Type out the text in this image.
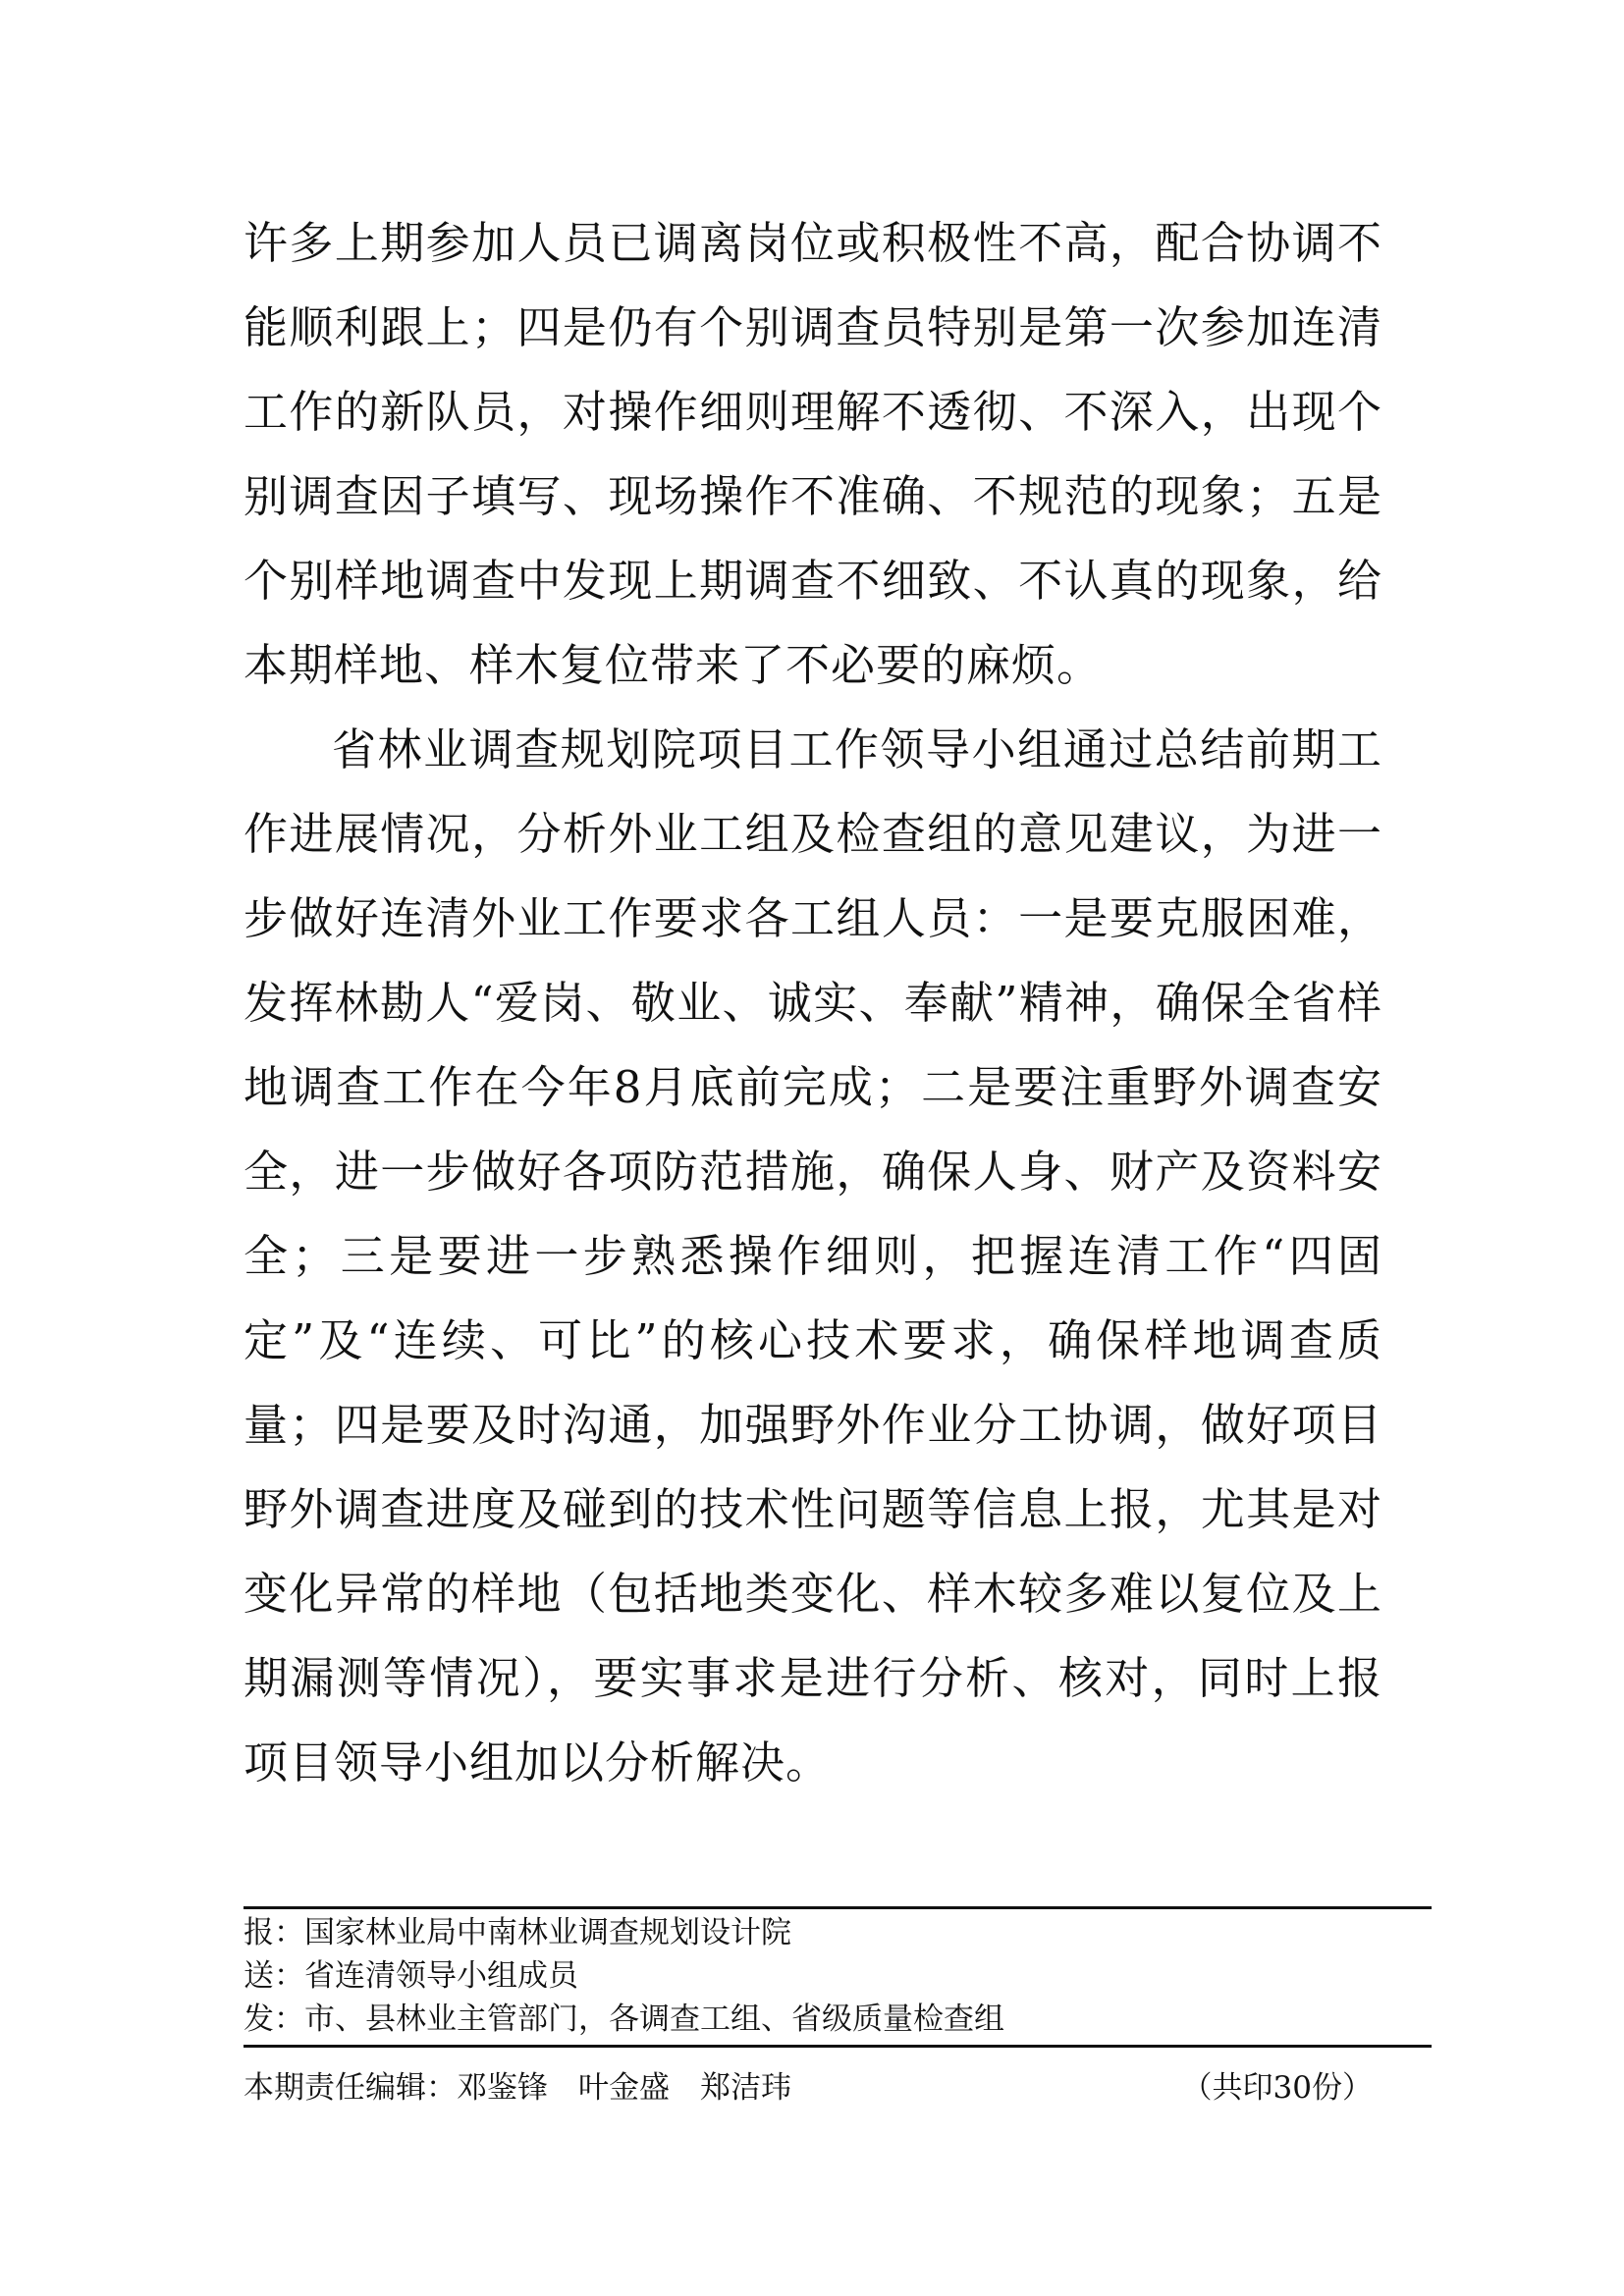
许多上期参加人员已调离岗位或积极性不高，配合协调不能顺利跟上；四是仍有个别调查员特别是第一次参加连清工作的新队员，对操作细则理解不透彻、不深入，出现个别调查因子填写、现场操作不准确、不规范的现象；五是个别样地调查中发现上期调查不细致、不认真的现象，给本期样地、样木复位带来了不必要的麻烦。

省林业调查规划院项目工作领导小组通过总结前期工作进展情况，分析外业工组及检查组的意见建议，为进一步做好连清外业工作要求各工组人员：一是要克服困难，发挥林勘人“爱岗、敬业、诚实、奉献”精神，确保全省样地调查工作在今年8月底前完成；二是要注重野外调查安全，进一步做好各项防范措施，确保人身、财产及资料安全；三是要进一步熟悉操作细则，把握连清工作“四固定”及“连续、可比”的核心技术要求，确保样地调查质量；四是要及时沟通，加强野外作业分工协调，做好项目野外调查进度及碰到的技术性问题等信息上报，尤其是对变化异常的样地（包括地类变化、样木较多难以复位及上期漏测等情况），要实事求是进行分析、核对，同时上报项目领导小组加以分析解决。

报：国家林业局中南林业调查规划设计院
送：省连清领导小组成员
发：市、县林业主管部门，各调查工组、省级质量检查组
本期责任编辑：邓鉴锋　叶金盛　郑洁玮	（共印30份）
